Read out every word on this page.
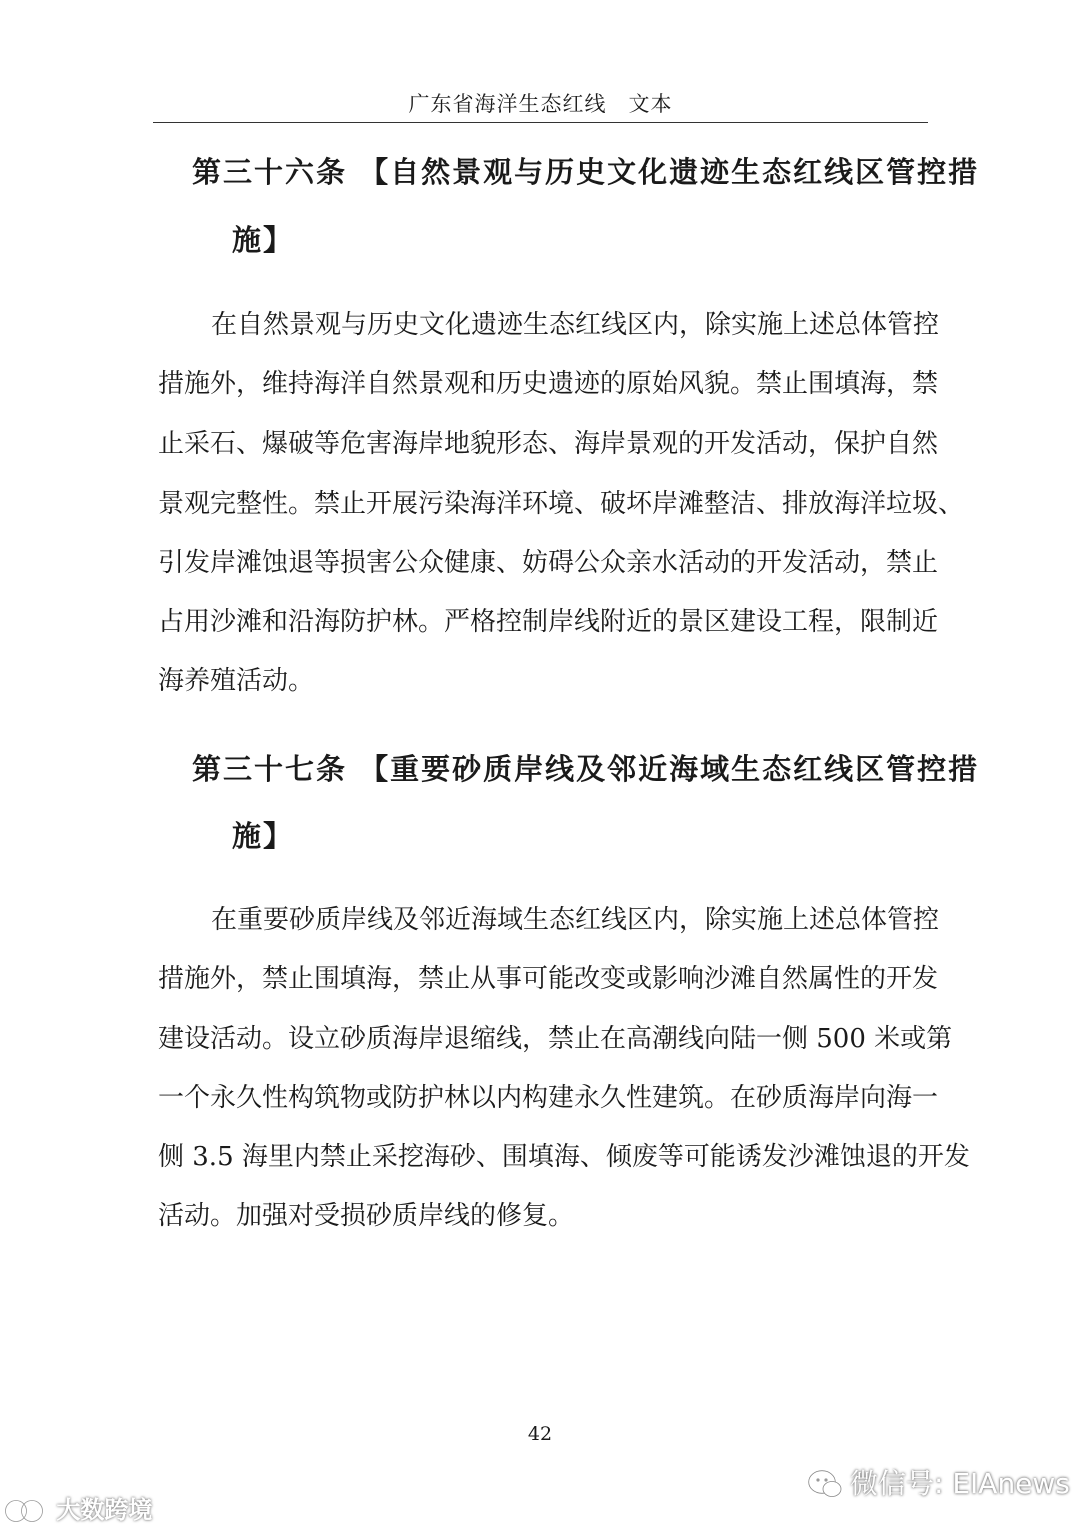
广东省海洋生态红线 文本
第三十六条 【自然景观与历史文化遗迹生态红线区管控措
施】
在自然景观与历史文化遗迹生态红线区内，除实施上述总体管控
措施外，维持海洋自然景观和历史遗迹的原始风貌。禁止围填海，禁
止采石、爆破等危害海岸地貌形态、海岸景观的开发活动，保护自然
景观完整性。禁止开展污染海洋环境、破坏岸滩整洁、排放海洋垃圾、
引发岸滩蚀退等损害公众健康、妨碍公众亲水活动的开发活动，禁止
占用沙滩和沿海防护林。严格控制岸线附近的景区建设工程，限制近
海养殖活动。
第三十七条 【重要砂质岸线及邻近海域生态红线区管控措
施】
在重要砂质岸线及邻近海域生态红线区内，除实施上述总体管控
措施外，禁止围填海，禁止从事可能改变或影响沙滩自然属性的开发
建设活动。设立砂质海岸退缩线，禁止在高潮线向陆一侧 500 米或第
一个永久性构筑物或防护林以内构建永久性建筑。在砂质海岸向海一
侧 3.5 海里内禁止采挖海砂、围填海、倾废等可能诱发沙滩蚀退的开发
活动。加强对受损砂质岸线的修复。
42
大数跨境
微信号: EIAnews
